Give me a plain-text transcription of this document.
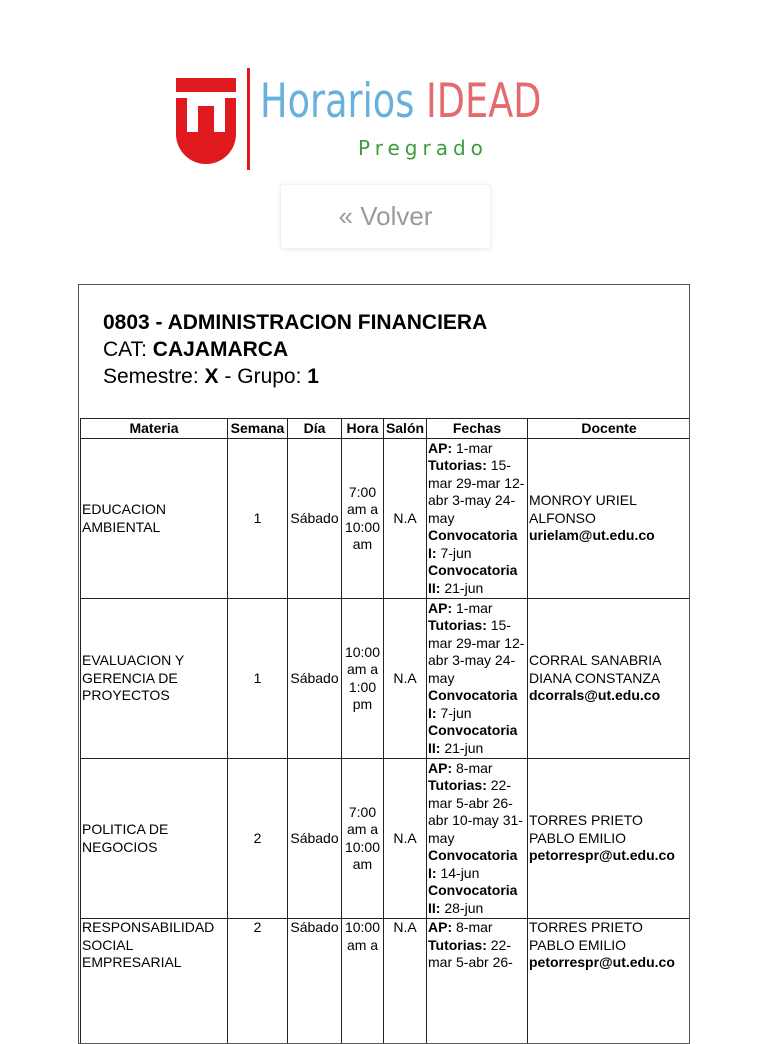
Horarios IDEAD
Pregrado
« Volver
0803 - ADMINISTRACION FINANCIERA
CAT: CAJAMARCA
Semestre: X - Grupo: 1
Materia	Semana	Día	Hora	Salón	Fechas	Docente
EDUCACION AMBIENTAL	1	Sábado	7:00 am a 10:00 am	N.A	AP: 1-mar
Tutorias: 15-mar 29-mar 12-abr 3-may 24-may
Convocatoria I: 7-jun
Convocatoria II: 21-jun	MONROY URIEL ALFONSO
urielam@ut.edu.co
EVALUACION Y GERENCIA DE PROYECTOS	1	Sábado	10:00 am a 1:00 pm	N.A	AP: 1-mar
Tutorias: 15-mar 29-mar 12-abr 3-may 24-may
Convocatoria I: 7-jun
Convocatoria II: 21-jun	CORRAL SANABRIA DIANA CONSTANZA
dcorrals@ut.edu.co
POLITICA DE NEGOCIOS	2	Sábado	7:00 am a 10:00 am	N.A	AP: 8-mar
Tutorias: 22-mar 5-abr 26-abr 10-may 31-may
Convocatoria I: 14-jun
Convocatoria II: 28-jun	TORRES PRIETO PABLO EMILIO
petorrespr@ut.edu.co
RESPONSABILIDAD SOCIAL EMPRESARIAL	2	Sábado	10:00 am a	N.A	AP: 8-mar
Tutorias: 22-mar 5-abr 26-	TORRES PRIETO PABLO EMILIO
petorrespr@ut.edu.co
